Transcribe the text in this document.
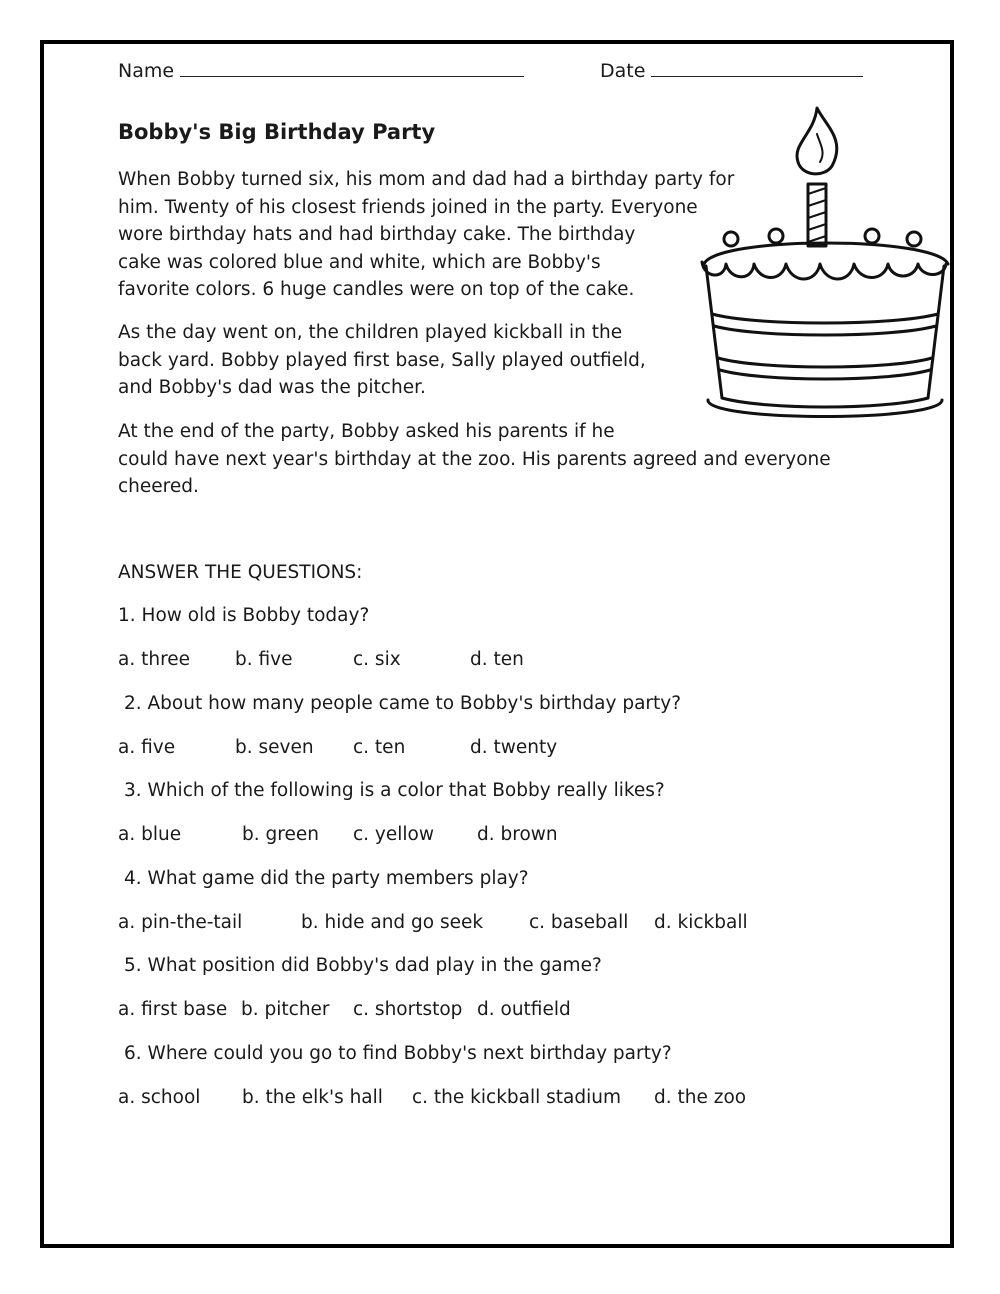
Name	Date
Bobby's Big Birthday Party
When Bobby turned six, his mom and dad had a birthday party for
him. Twenty of his closest friends joined in the party. Everyone
wore birthday hats and had birthday cake. The birthday
cake was colored blue and white, which are Bobby's
favorite colors. 6 huge candles were on top of the cake.
As the day went on, the children played kickball in the
back yard. Bobby played first base, Sally played outfield,
and Bobby's dad was the pitcher.
At the end of the party, Bobby asked his parents if he
could have next year's birthday at the zoo. His parents agreed and everyone
cheered.
ANSWER THE QUESTIONS:
1. How old is Bobby today?
a. three b. five	c. six	d. ten
2. About how many people came to Bobby's birthday party?
a. five	b. seven c. ten	d. twenty
3. Which of the following is a color that Bobby really likes?
a. blue	b. green c. yellow d. brown
4. What game did the party members play?
a. pin-the-tail	b. hide and go seek c. baseball d. kickball
5. What position did Bobby's dad play in the game?
a. first base b. pitcher c. shortstop d. outfield
6. Where could you go to find Bobby's next birthday party?
a. school b. the elk's hall c. the kickball stadium d. the zoo
